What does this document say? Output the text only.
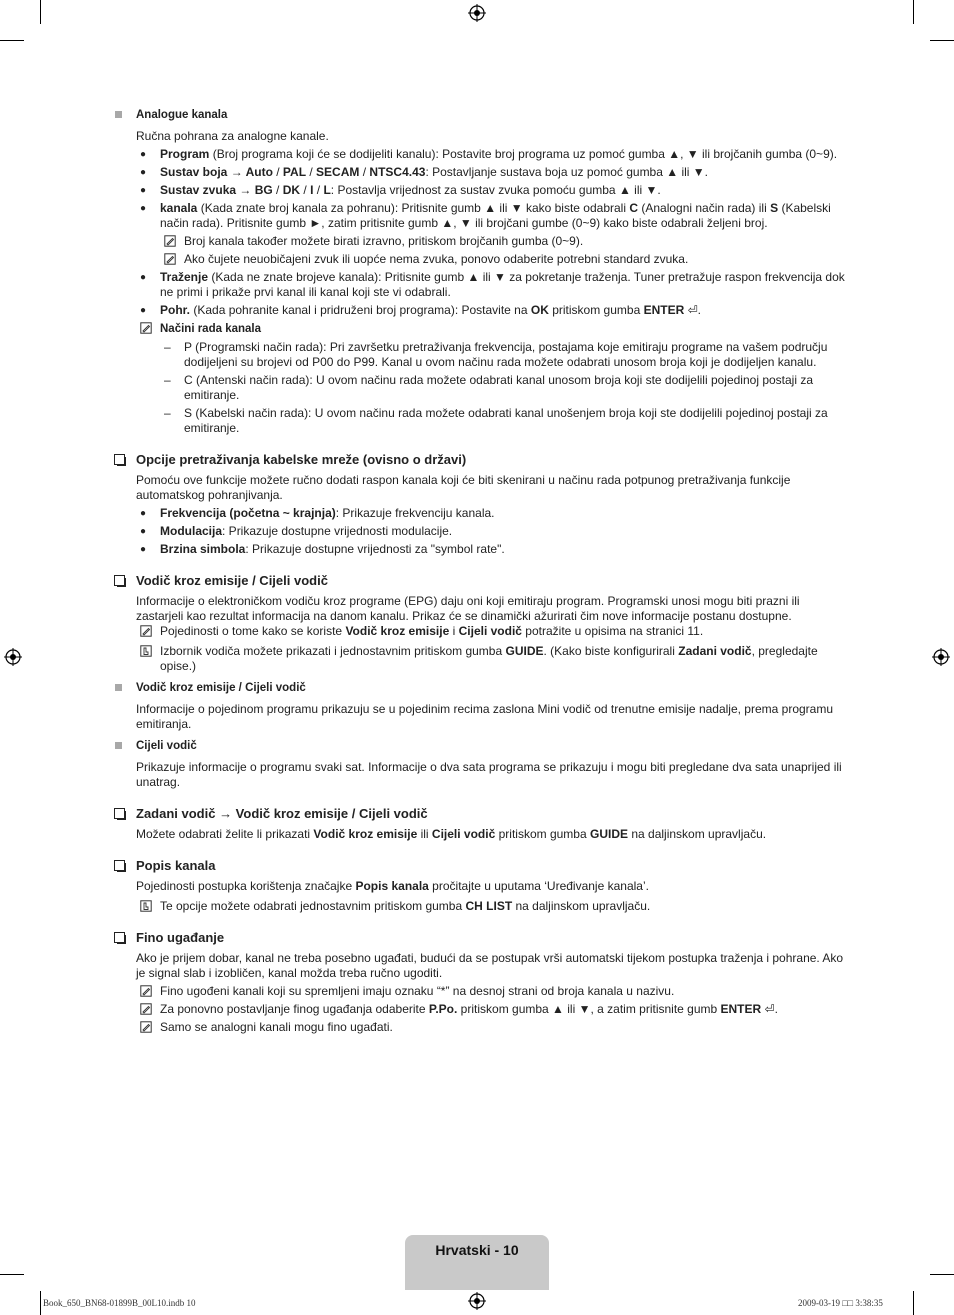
Analogue kanala
Ručna pohrana za analogne kanale.
● Program (Broj programa koji će se dodijeliti kanalu): Postavite broj programa uz pomoć gumba ▲, ▼ ili brojčanih gumba (0~9).
● Sustav boja → Auto / PAL / SECAM / NTSC4.43: Postavljanje sustava boja uz pomoć gumba ▲ ili ▼.
● Sustav zvuka → BG / DK / I / L: Postavlja vrijednost za sustav zvuka pomoću gumba ▲ ili ▼.
● kanala (Kada znate broj kanala za pohranu): Pritisnite gumb ▲ ili ▼ kako biste odabrali C (Analogni način rada) ili S (Kabelski način rada). Pritisnite gumb ►, zatim pritisnite gumb ▲, ▼ ili brojčani gumbe (0~9) kako biste odabrali željeni broj.
Broj kanala također možete birati izravno, pritiskom brojčanih gumba (0~9).
Ako čujete neuobičajeni zvuk ili uopće nema zvuka, ponovo odaberite potrebni standard zvuka.
● Traženje (Kada ne znate brojeve kanala): Pritisnite gumb ▲ ili ▼ za pokretanje traženja. Tuner pretražuje raspon frekvencija dok ne primi i prikaže prvi kanal ili kanal koji ste vi odabrali.
● Pohr. (Kada pohranite kanal i pridruženi broj programa): Postavite na OK pritiskom gumba ENTER ⏎.
Načini rada kanala
– P (Programski način rada): Pri završetku pretraživanja frekvencija, postajama koje emitiraju programe na vašem području dodijeljeni su brojevi od P00 do P99. Kanal u ovom načinu rada možete odabrati unosom broja koji je dodijeljen kanalu.
– C (Antenski način rada): U ovom načinu rada možete odabrati kanal unosom broja koji ste dodijelili pojedinoj postaji za emitiranje.
– S (Kabelski način rada): U ovom načinu rada možete odabrati kanal unošenjem broja koji ste dodijelili pojedinoj postaji za emitiranje.
Opcije pretraživanja kabelske mreže (ovisno o državi)
Pomoću ove funkcije možete ručno dodati raspon kanala koji će biti skenirani u načinu rada potpunog pretraživanja funkcije automatskog pohranjivanja.
● Frekvencija (početna ~ krajnja): Prikazuje frekvenciju kanala.
● Modulacija: Prikazuje dostupne vrijednosti modulacije.
● Brzina simbola: Prikazuje dostupne vrijednosti za "symbol rate".
Vodič kroz emisije / Cijeli vodič
Informacije o elektroničkom vodiču kroz programe (EPG) daju oni koji emitiraju program. Programski unosi mogu biti prazni ili zastarjeli kao rezultat informacija na danom kanalu. Prikaz će se dinamički ažurirati čim nove informacije postanu dostupne.
Pojedinosti o tome kako se koriste Vodič kroz emisije i Cijeli vodič potražite u opisima na stranici 11.
Izbornik vodiča možete prikazati i jednostavnim pritiskom gumba GUIDE. (Kako biste konfigurirali Zadani vodič, pregledajte opise.)
Vodič kroz emisije / Cijeli vodič
Informacije o pojedinom programu prikazuju se u pojedinim recima zaslona Mini vodič od trenutne emisije nadalje, prema programu emitiranja.
Cijeli vodič
Prikazuje informacije o programu svaki sat. Informacije o dva sata programa se prikazuju i mogu biti pregledane dva sata unaprijed ili unatrag.
Zadani vodič → Vodič kroz emisije / Cijeli vodič
Možete odabrati želite li prikazati Vodič kroz emisije ili Cijeli vodič pritiskom gumba GUIDE na daljinskom upravljaču.
Popis kanala
Pojedinosti postupka korištenja značajke Popis kanala pročitajte u uputama ‘Uređivanje kanala’.
Te opcije možete odabrati jednostavnim pritiskom gumba CH LIST na daljinskom upravljaču.
Fino ugađanje
Ako je prijem dobar, kanal ne treba posebno ugađati, budući da se postupak vrši automatski tijekom postupka traženja i pohrane. Ako je signal slab i izobličen, kanal možda treba ručno ugoditi.
Fino ugođeni kanali koji su spremljeni imaju oznaku “*” na desnoj strani od broja kanala u nazivu.
Za ponovno postavljanje finog ugađanja odaberite P.Po. pritiskom gumba ▲ ili ▼, a zatim pritisnite gumb ENTER ⏎.
Samo se analogni kanali mogu fino ugađati.
Hrvatski - 10
Book_650_BN68-01899B_00L10.indb 10	2009-03-19 □□ 3:38:35
